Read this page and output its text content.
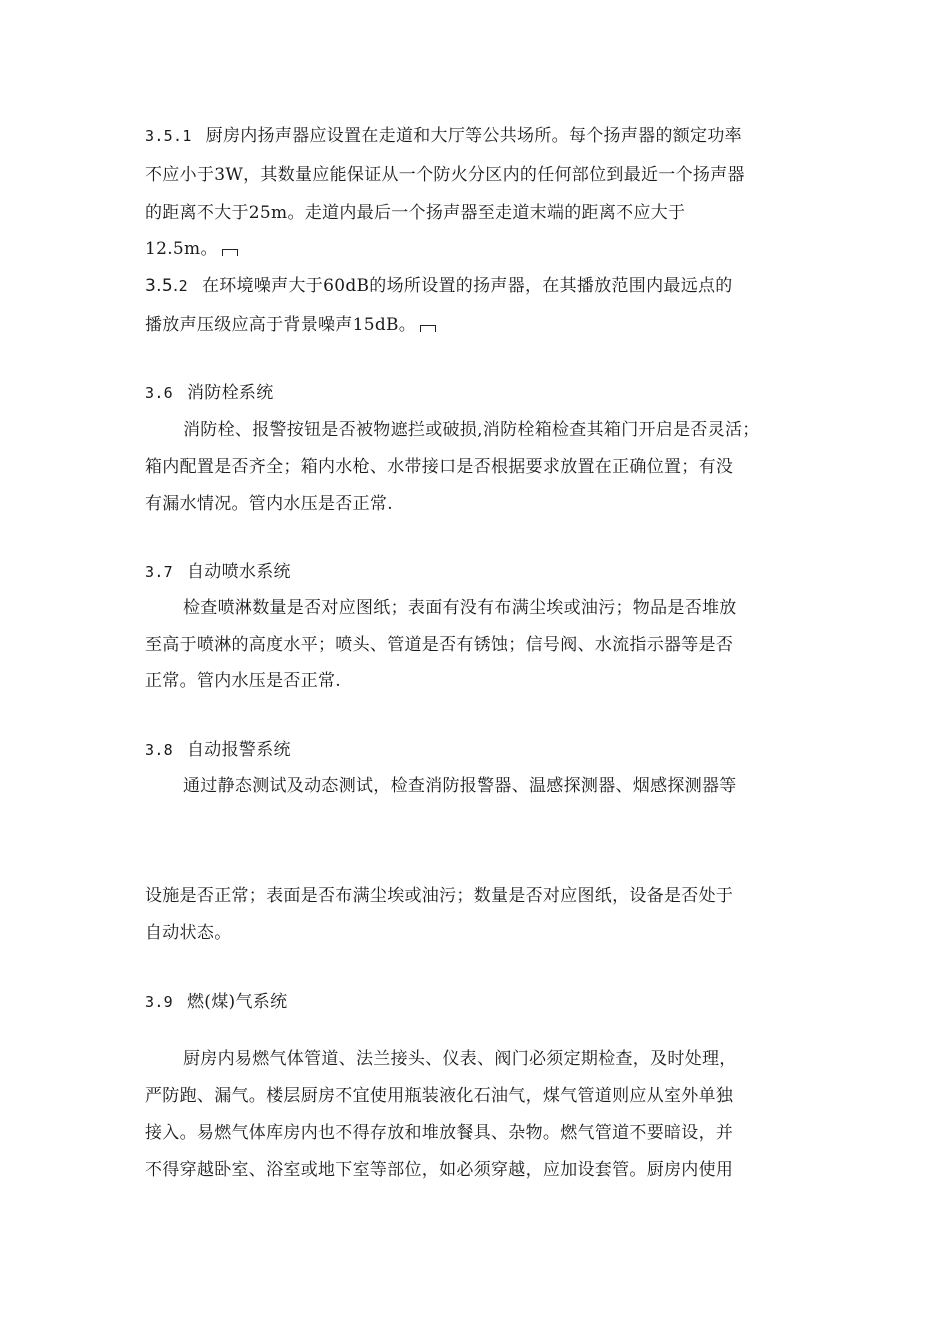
3.5.1 厨房内扬声器应设置在走道和大厅等公共场所。每个扬声器的额定功率
不应小于3W，其数量应能保证从一个防火分区内的任何部位到最近一个扬声器
的距离不大于25m。走道内最后一个扬声器至走道末端的距离不应大于
12.5m。
3.5.2 在环境噪声大于60dB的场所设置的扬声器，在其播放范围内最远点的
播放声压级应高于背景噪声15dB。
3.6 消防栓系统
消防栓、报警按钮是否被物遮拦或破损,消防栓箱检查其箱门开启是否灵活；
箱内配置是否齐全；箱内水枪、水带接口是否根据要求放置在正确位置；有没
有漏水情况。管内水压是否正常.
3.7 自动喷水系统
检查喷淋数量是否对应图纸；表面有没有布满尘埃或油污；物品是否堆放
至高于喷淋的高度水平；喷头、管道是否有锈蚀；信号阀、水流指示器等是否
正常。管内水压是否正常.
3.8 自动报警系统
通过静态测试及动态测试，检查消防报警器、温感探测器、烟感探测器等
设施是否正常；表面是否布满尘埃或油污；数量是否对应图纸，设备是否处于
自动状态。
3.9 燃(煤)气系统
厨房内易燃气体管道、法兰接头、仪表、阀门必须定期检查，及时处理，
严防跑、漏气。楼层厨房不宜使用瓶装液化石油气，煤气管道则应从室外单独
接入。易燃气体库房内也不得存放和堆放餐具、杂物。燃气管道不要暗设，并
不得穿越卧室、浴室或地下室等部位，如必须穿越，应加设套管。厨房内使用
